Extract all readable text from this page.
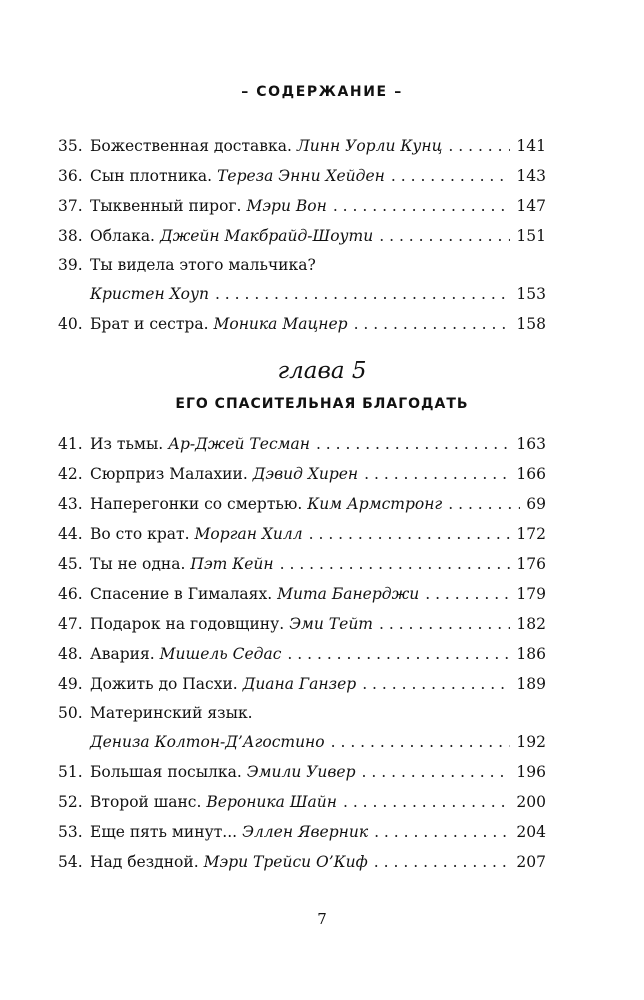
– СОДЕРЖАНИЕ –
35. Божественная доставка. Линн Уорли Кунц . . .	141
36. Сын плотника. Тереза Энни Хейден . . .	143
37. Тыквенный пирог. Мэри Вон . . .	147
38. Облака. Джейн Макбрайд-Шоути . . .	151
39. Ты видела этого мальчика?
Кристен Хоуп . . .	153
40. Брат и сестра. Моника Мацнер . . .	158
41. Из тьмы. Ар-Джей Тесман . . .	163
42. Сюрприз Малахии. Дэвид Хирен . . .	166
43. Наперегонки со смертью. Ким Армстронг . . .	69
44. Во сто крат. Морган Хилл . . .	172
45. Ты не одна. Пэт Кейн . . .	176
46. Спасение в Гималаях. Мита Банерджи . . .	179
47. Подарок на годовщину. Эми Тейт . . .	182
48. Авария. Мишель Седас . . .	186
49. Дожить до Пасхи. Диана Ганзер . . .	189
50. Материнский язык.
Дениза Колтон-Д’Агостино . . .	192
51. Большая посылка. Эмили Уивер . . .	196
52. Второй шанс. Вероника Шайн . . .	200
53. Еще пять минут... Эллен Яверник . . .	204
54. Над бездной. Мэри Трейси О’Киф . . .	207
глава 5
ЕГО СПАСИТЕЛЬНАЯ БЛАГОДАТЬ
7
